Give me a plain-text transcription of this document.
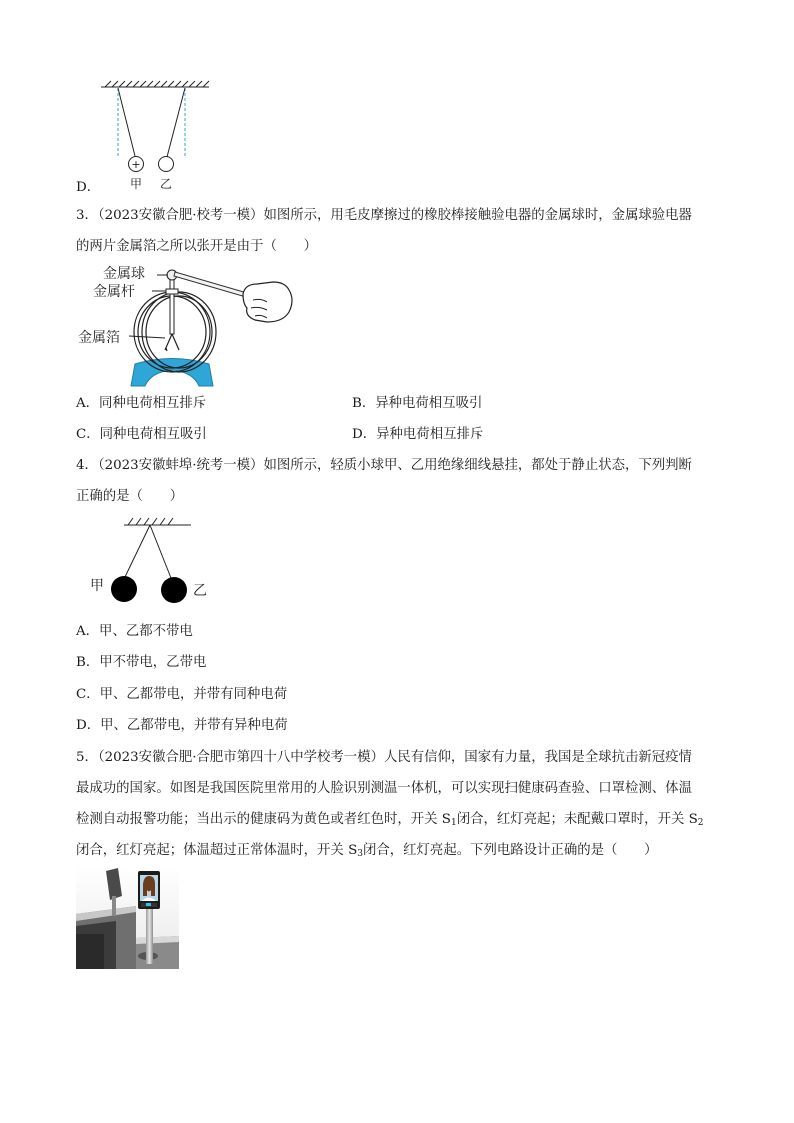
+
甲 乙
D．
3．（2023安徽合肥·校考一模）如图所示，用毛皮摩擦过的橡胶棒接触验电器的金属球时，金属球验电器
的两片金属箔之所以张开是由于（　　）
金属球
金属杆
金属箔
A．同种电荷相互排斥	B．异种电荷相互吸引
C．同种电荷相互吸引	D．异种电荷相互排斥
4．（2023安徽蚌埠·统考一模）如图所示，轻质小球甲、乙用绝缘细线悬挂，都处于静止状态，下列判断
正确的是（　　）
甲	乙
A．甲、乙都不带电
B．甲不带电，乙带电
C．甲、乙都带电，并带有同种电荷
D．甲、乙都带电，并带有异种电荷
5．（2023安徽合肥·合肥市第四十八中学校考一模）人民有信仰，国家有力量，我国是全球抗击新冠疫情
最成功的国家。如图是我国医院里常用的人脸识别测温一体机，可以实现扫健康码查验、口罩检测、体温
检测自动报警功能；当出示的健康码为黄色或者红色时，开关 $S_1$闭合，红灯亮起；未配戴口罩时，开关 $S_2$
闭合，红灯亮起；体温超过正常体温时，开关 $S_3$闭合，红灯亮起。下列电路设计正确的是（　　）
